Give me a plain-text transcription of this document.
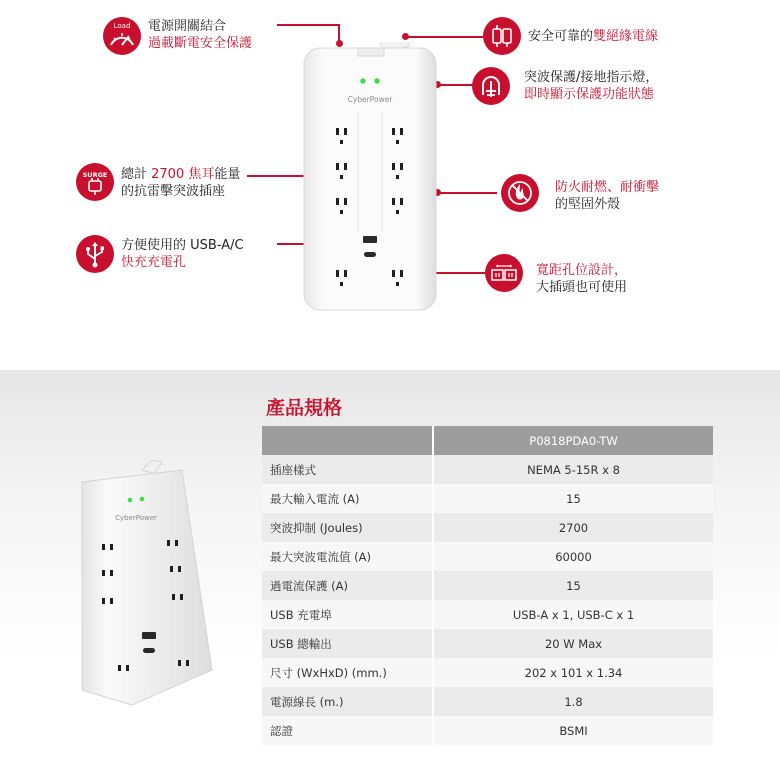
Load 電源開關結合
過載斷電安全保護
SURGE 總計 2700 焦耳能量
的抗雷擊突波插座
方便使用的 USB-A/C
快充充電孔
安全可靠的雙絕緣電線
突波保護/接地指示燈，
即時顯示保護功能狀態
防火耐燃、耐衝擊
的堅固外殼
寬距孔位設計，
大插頭也可使用
CyberPower
CyberPower
產品規格
	P0818PDA0-TW
插座樣式	NEMA 5-15R x 8
最大輸入電流 (A)	15
突波抑制 (Joules)	2700
最大突波電流值 (A)	60000
過電流保護 (A)	15
USB 充電埠	USB-A x 1, USB-C x 1
USB 總輸出	20 W Max
尺寸 (WxHxD) (mm.)	202 x 101 x 1.34
電源線長 (m.)	1.8
認證	BSMI
